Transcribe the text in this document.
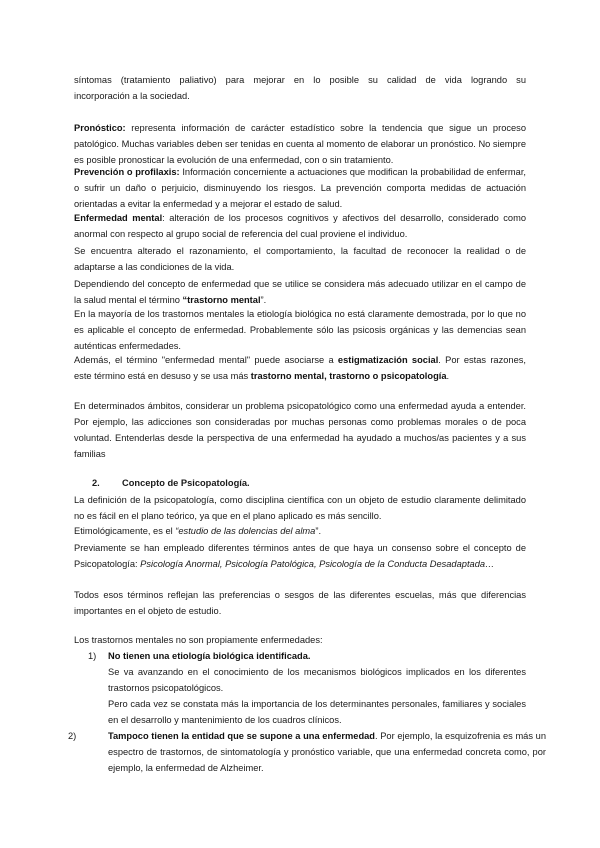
síntomas (tratamiento paliativo) para mejorar en lo posible su calidad de vida logrando su
incorporación a la sociedad.

Pronóstico: representa información de carácter estadístico sobre la tendencia que sigue un proceso patológico. Muchas variables deben ser tenidas en cuenta al momento de elaborar un pronóstico. No siempre es posible pronosticar la evolución de una enfermedad, con o sin tratamiento.

Prevención o profilaxis: Información concerniente a actuaciones que modifican la probabilidad de enfermar, o sufrir un daño o perjuicio, disminuyendo los riesgos. La prevención comporta medidas de actuación orientadas a evitar la enfermedad y a mejorar el estado de salud.

Enfermedad mental: alteración de los procesos cognitivos y afectivos del desarrollo, considerado como anormal con respecto al grupo social de referencia del cual proviene el individuo.

Se encuentra alterado el razonamiento, el comportamiento, la facultad de reconocer la realidad o de adaptarse a las condiciones de la vida.

Dependiendo del concepto de enfermedad que se utilice se considera más adecuado utilizar en el campo de la salud mental el término “trastorno mental”.

En la mayoría de los trastornos mentales la etiología biológica no está claramente demostrada, por lo que no es aplicable el concepto de enfermedad. Probablemente sólo las psicosis orgánicas y las demencias sean auténticas enfermedades.

Además, el término "enfermedad mental" puede asociarse a estigmatización social. Por estas razones, este término está en desuso y se usa más trastorno mental, trastorno o psicopatología.

En determinados ámbitos, considerar un problema psicopatológico como una enfermedad ayuda a entender. Por ejemplo, las adicciones son consideradas por muchas personas como problemas morales o de poca voluntad. Entenderlas desde la perspectiva de una enfermedad ha ayudado a muchos/as pacientes y a sus familias

2. Concepto de Psicopatología.

La definición de la psicopatología, como disciplina científica con un objeto de estudio claramente delimitado no es fácil en el plano teórico, ya que en el plano aplicado es más sencillo.

Etimológicamente, es el “estudio de las dolencias del alma”.

Previamente se han empleado diferentes términos antes de que haya un consenso sobre el concepto de Psicopatología: Psicología Anormal, Psicología Patológica, Psicología de la Conducta Desadaptada…

Todos esos términos reflejan las preferencias o sesgos de las diferentes escuelas, más que diferencias importantes en el objeto de estudio.

Los trastornos mentales no son propiamente enfermedades:

1) No tienen una etiología biológica identificada.

Se va avanzando en el conocimiento de los mecanismos biológicos implicados en los diferentes trastornos psicopatológicos.

Pero cada vez se constata más la importancia de los determinantes personales, familiares y sociales en el desarrollo y mantenimiento de los cuadros clínicos.

2)	Tampoco tienen la entidad que se supone a una enfermedad. Por ejemplo, la esquizofrenia es más un espectro de trastornos, de sintomatología y pronóstico variable, que una enfermedad concreta como, por ejemplo, la enfermedad de Alzheimer.
